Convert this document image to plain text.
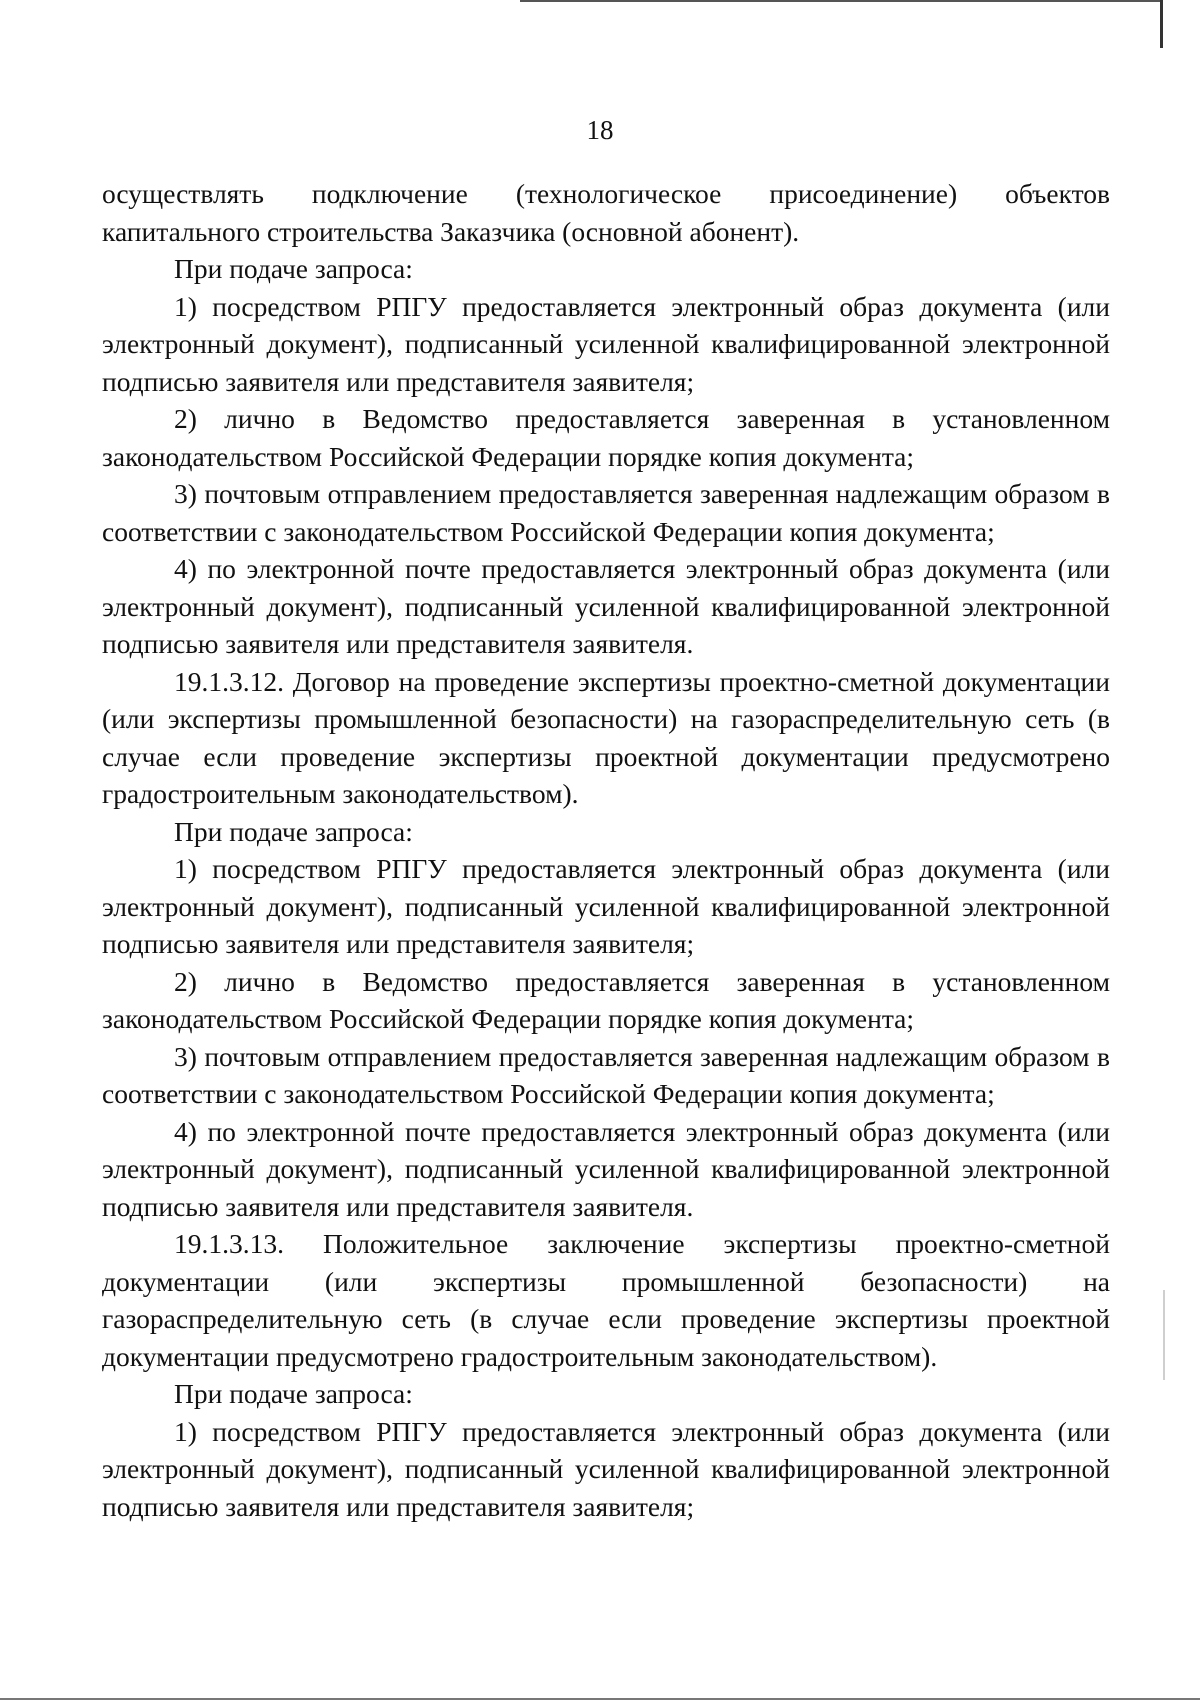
18

осуществлять подключение (технологическое присоединение) объектов капитального строительства Заказчика (основной абонент).

При подаче запроса:

1) посредством РПГУ предоставляется электронный образ документа (или электронный документ), подписанный усиленной квалифицированной электронной подписью заявителя или представителя заявителя;

2) лично в Ведомство предоставляется заверенная в установленном законодательством Российской Федерации порядке копия документа;

3) почтовым отправлением предоставляется заверенная надлежащим образом в соответствии с законодательством Российской Федерации копия документа;

4) по электронной почте предоставляется электронный образ документа (или электронный документ), подписанный усиленной квалифицированной электронной подписью заявителя или представителя заявителя.

19.1.3.12. Договор на проведение экспертизы проектно-сметной документации (или экспертизы промышленной безопасности) на газораспределительную сеть (в случае если проведение экспертизы проектной документации предусмотрено градостроительным законодательством).

При подаче запроса:

1) посредством РПГУ предоставляется электронный образ документа (или электронный документ), подписанный усиленной квалифицированной электронной подписью заявителя или представителя заявителя;

2) лично в Ведомство предоставляется заверенная в установленном законодательством Российской Федерации порядке копия документа;

3) почтовым отправлением предоставляется заверенная надлежащим образом в соответствии с законодательством Российской Федерации копия документа;

4) по электронной почте предоставляется электронный образ документа (или электронный документ), подписанный усиленной квалифицированной электронной подписью заявителя или представителя заявителя.

19.1.3.13. Положительное заключение экспертизы проектно-сметной документации (или экспертизы промышленной безопасности) на газораспределительную сеть (в случае если проведение экспертизы проектной документации предусмотрено градостроительным законодательством).

При подаче запроса:

1) посредством РПГУ предоставляется электронный образ документа (или электронный документ), подписанный усиленной квалифицированной электронной подписью заявителя или представителя заявителя;
